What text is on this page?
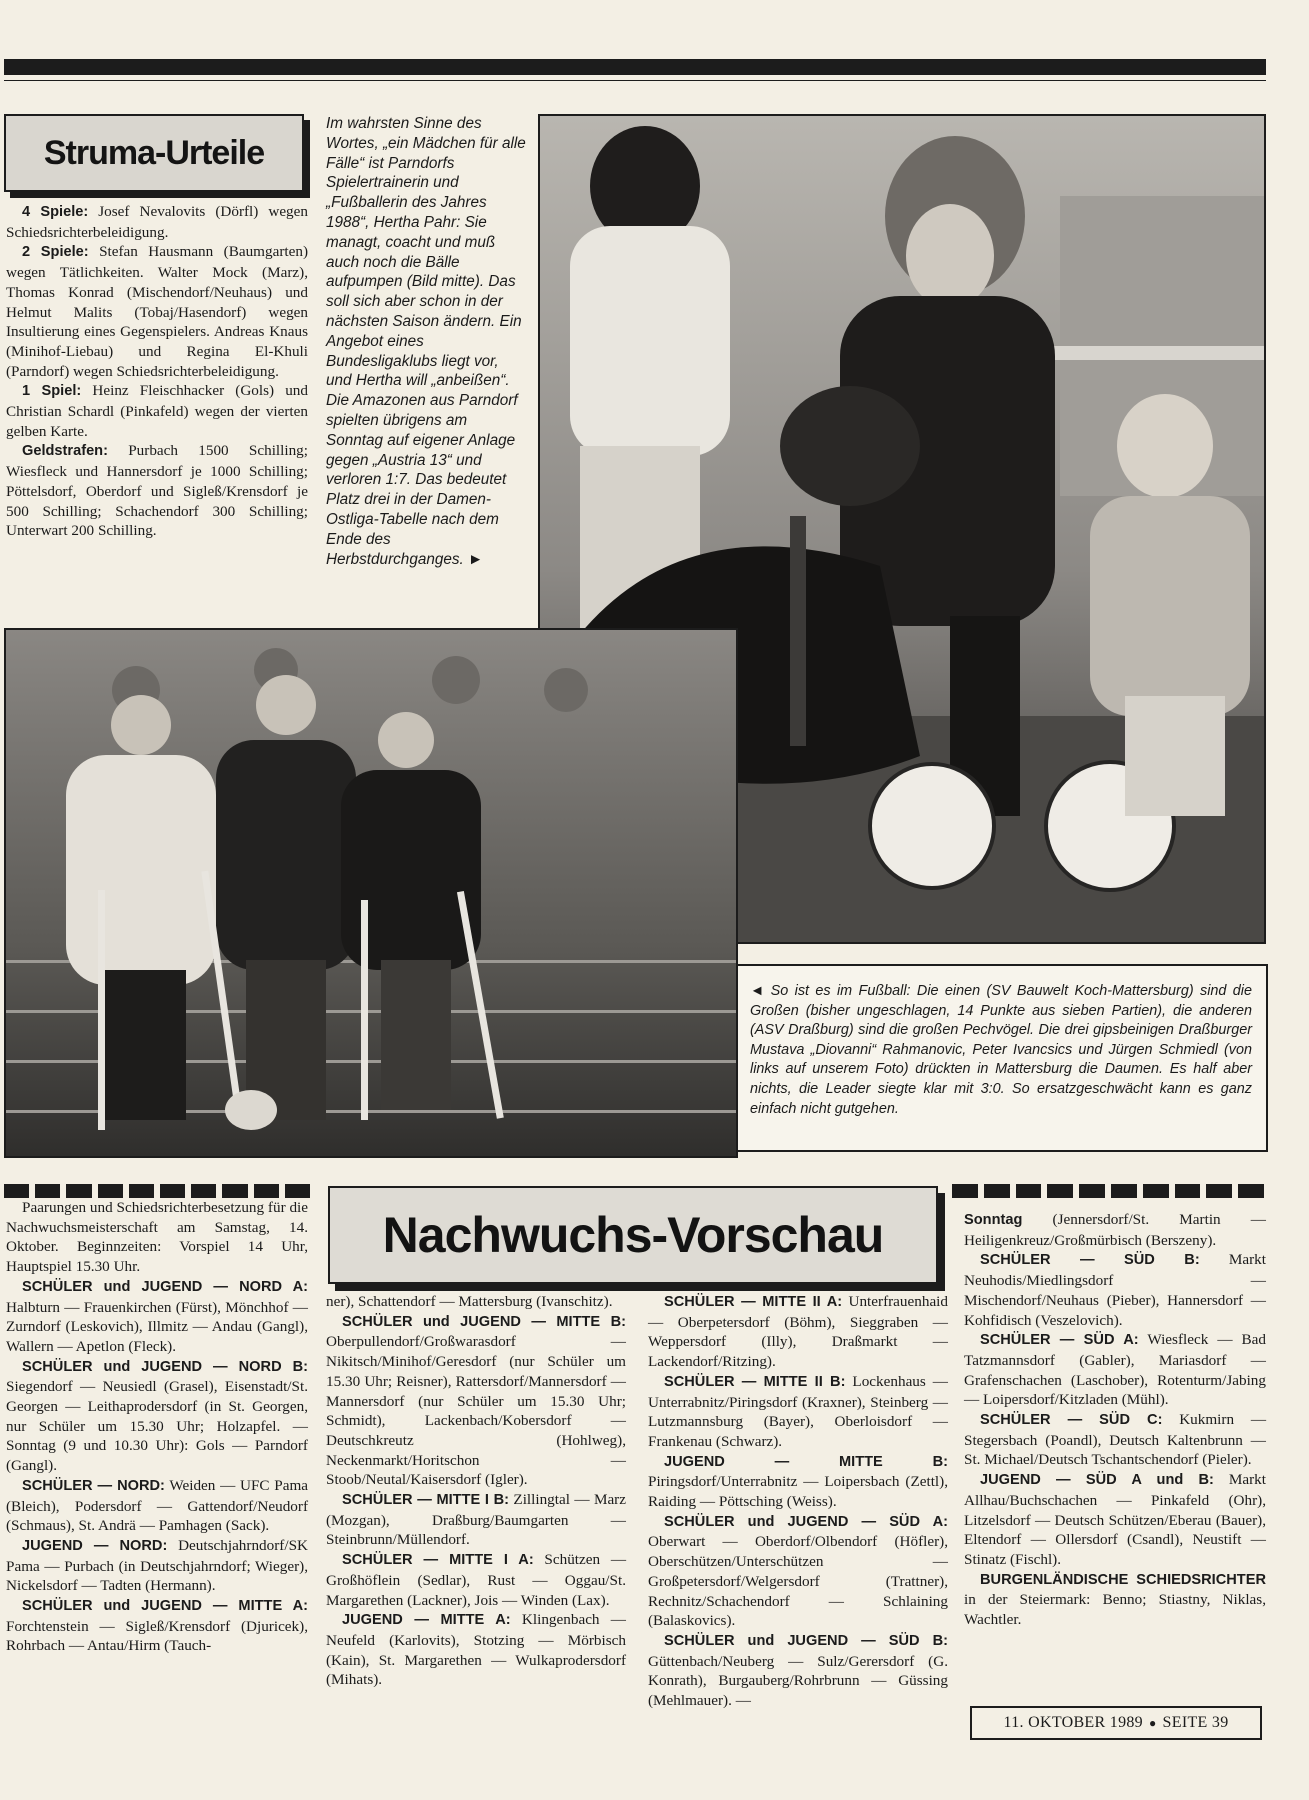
Struma-Urteile

4 Spiele: Josef Nevalovits (Dörfl) wegen Schiedsrichterbeleidigung.

2 Spiele: Stefan Hausmann (Baumgarten) wegen Tätlichkeiten. Walter Mock (Marz), Thomas Konrad (Mischendorf/Neuhaus) und Helmut Malits (Tobaj/Hasendorf) wegen Insultierung eines Gegenspielers. Andreas Knaus (Minihof-Liebau) und Regina El-Khuli (Parndorf) wegen Schiedsrichterbeleidigung.

1 Spiel: Heinz Fleischhacker (Gols) und Christian Schardl (Pinkafeld) wegen der vierten gelben Karte.

Geldstrafen: Purbach 1500 Schilling; Wiesfleck und Hannersdorf je 1000 Schilling; Pöttelsdorf, Oberdorf und Sigleß/Krensdorf je 500 Schilling; Schachendorf 300 Schilling; Unterwart 200 Schilling.

Im wahrsten Sinne des Wortes, „ein Mädchen für alle Fälle“ ist Parndorfs Spielertrainerin und „Fußballerin des Jahres 1988“, Hertha Pahr: Sie managt, coacht und muß auch noch die Bälle aufpumpen (Bild mitte). Das soll sich aber schon in der nächsten Saison ändern. Ein Angebot eines Bundesligaklubs liegt vor, und Hertha will „anbeißen“. Die Amazonen aus Parndorf spielten übrigens am Sonntag auf eigener Anlage gegen „Austria 13“ und verloren 1:7. Das bedeutet Platz drei in der Damen-Ostliga-Tabelle nach dem Ende des Herbstdurchganges. ►

◄ So ist es im Fußball: Die einen (SV Bauwelt Koch-Mattersburg) sind die Großen (bisher ungeschlagen, 14 Punkte aus sieben Partien), die anderen (ASV Draßburg) sind die großen Pechvögel. Die drei gipsbeinigen Draßburger Mustava „Diovanni“ Rahmanovic, Peter Ivancsics und Jürgen Schmiedl (von links auf unserem Foto) drückten in Mattersburg die Daumen. Es half aber nichts, die Leader siegte klar mit 3:0. So ersatzgeschwächt kann es ganz einfach nicht gutgehen.
Nachwuchs-Vorschau

Paarungen und Schiedsrichterbesetzung für die Nachwuchsmeisterschaft am Samstag, 14. Oktober. Beginnzeiten: Vorspiel 14 Uhr, Hauptspiel 15.30 Uhr.

SCHÜLER und JUGEND — NORD A: Halbturn — Frauenkirchen (Fürst), Mönchhof — Zurndorf (Leskovich), Illmitz — Andau (Gangl), Wallern — Apetlon (Fleck).

SCHÜLER und JUGEND — NORD B: Siegendorf — Neusiedl (Grasel), Eisenstadt/St. Georgen — Leithaprodersdorf (in St. Georgen, nur Schüler um 15.30 Uhr; Holzapfel. — Sonntag (9 und 10.30 Uhr): Gols — Parndorf (Gangl).

SCHÜLER — NORD: Weiden — UFC Pama (Bleich), Podersdorf — Gattendorf/Neudorf (Schmaus), St. Andrä — Pamhagen (Sack).

JUGEND — NORD: Deutschjahrndorf/SK Pama — Purbach (in Deutschjahrndorf; Wieger), Nickelsdorf — Tadten (Hermann).

SCHÜLER und JUGEND — MITTE A: Forchtenstein — Sigleß/Krensdorf (Djuricek), Rohrbach — Antau/Hirm (Tauch-

ner), Schattendorf — Mattersburg (Ivanschitz).

SCHÜLER und JUGEND — MITTE B: Oberpullendorf/Großwarasdorf — Nikitsch/Minihof/Geresdorf (nur Schüler um 15.30 Uhr; Reisner), Rattersdorf/Mannersdorf — Mannersdorf (nur Schüler um 15.30 Uhr; Schmidt), Lackenbach/Kobersdorf — Deutschkreutz (Hohlweg), Neckenmarkt/Horitschon — Stoob/Neutal/Kaisersdorf (Igler).

SCHÜLER — MITTE I B: Zillingtal — Marz (Mozgan), Draßburg/Baumgarten — Steinbrunn/Müllendorf.

SCHÜLER — MITTE I A: Schützen — Großhöflein (Sedlar), Rust — Oggau/St. Margarethen (Lackner), Jois — Winden (Lax).

JUGEND — MITTE A: Klingenbach — Neufeld (Karlovits), Stotzing — Mörbisch (Kain), St. Margarethen — Wulkaprodersdorf (Mihats).

SCHÜLER — MITTE II A: Unterfrauenhaid — Oberpetersdorf (Böhm), Sieggraben — Weppersdorf (Illy), Draßmarkt — Lackendorf/Ritzing).

SCHÜLER — MITTE II B: Lockenhaus — Unterrabnitz/Piringsdorf (Kraxner), Steinberg — Lutzmannsburg (Bayer), Oberloisdorf — Frankenau (Schwarz).

JUGEND — MITTE B: Piringsdorf/Unterrabnitz — Loipersbach (Zettl), Raiding — Pöttsching (Weiss).

SCHÜLER und JUGEND — SÜD A: Oberwart — Oberdorf/Olbendorf (Höfler), Oberschützen/Unterschützen — Großpetersdorf/Welgersdorf (Trattner), Rechnitz/Schachendorf — Schlaining (Balaskovics).

SCHÜLER und JUGEND — SÜD B: Güttenbach/Neuberg — Sulz/Gerersdorf (G. Konrath), Burgauberg/Rohrbrunn — Güssing (Mehlmauer). —

Sonntag (Jennersdorf/St. Martin — Heiligenkreuz/Großmürbisch (Berszeny).

SCHÜLER — SÜD B: Markt Neuhodis/Miedlingsdorf — Mischendorf/Neuhaus (Pieber), Hannersdorf — Kohfidisch (Veszelovich).

SCHÜLER — SÜD A: Wiesfleck — Bad Tatzmannsdorf (Gabler), Mariasdorf — Grafenschachen (Laschober), Rotenturm/Jabing — Loipersdorf/Kitzladen (Mühl).

SCHÜLER — SÜD C: Kukmirn — Stegersbach (Poandl), Deutsch Kaltenbrunn — St. Michael/Deutsch Tschantschendorf (Pieler).

JUGEND — SÜD A und B: Markt Allhau/Buchschachen — Pinkafeld (Ohr), Litzelsdorf — Deutsch Schützen/Eberau (Bauer), Eltendorf — Ollersdorf (Csandl), Neustift — Stinatz (Fischl).

BURGENLÄNDISCHE SCHIEDSRICHTER in der Steiermark: Benno; Stiastny, Niklas, Wachtler.

11. OKTOBER 1989 ● SEITE 39
